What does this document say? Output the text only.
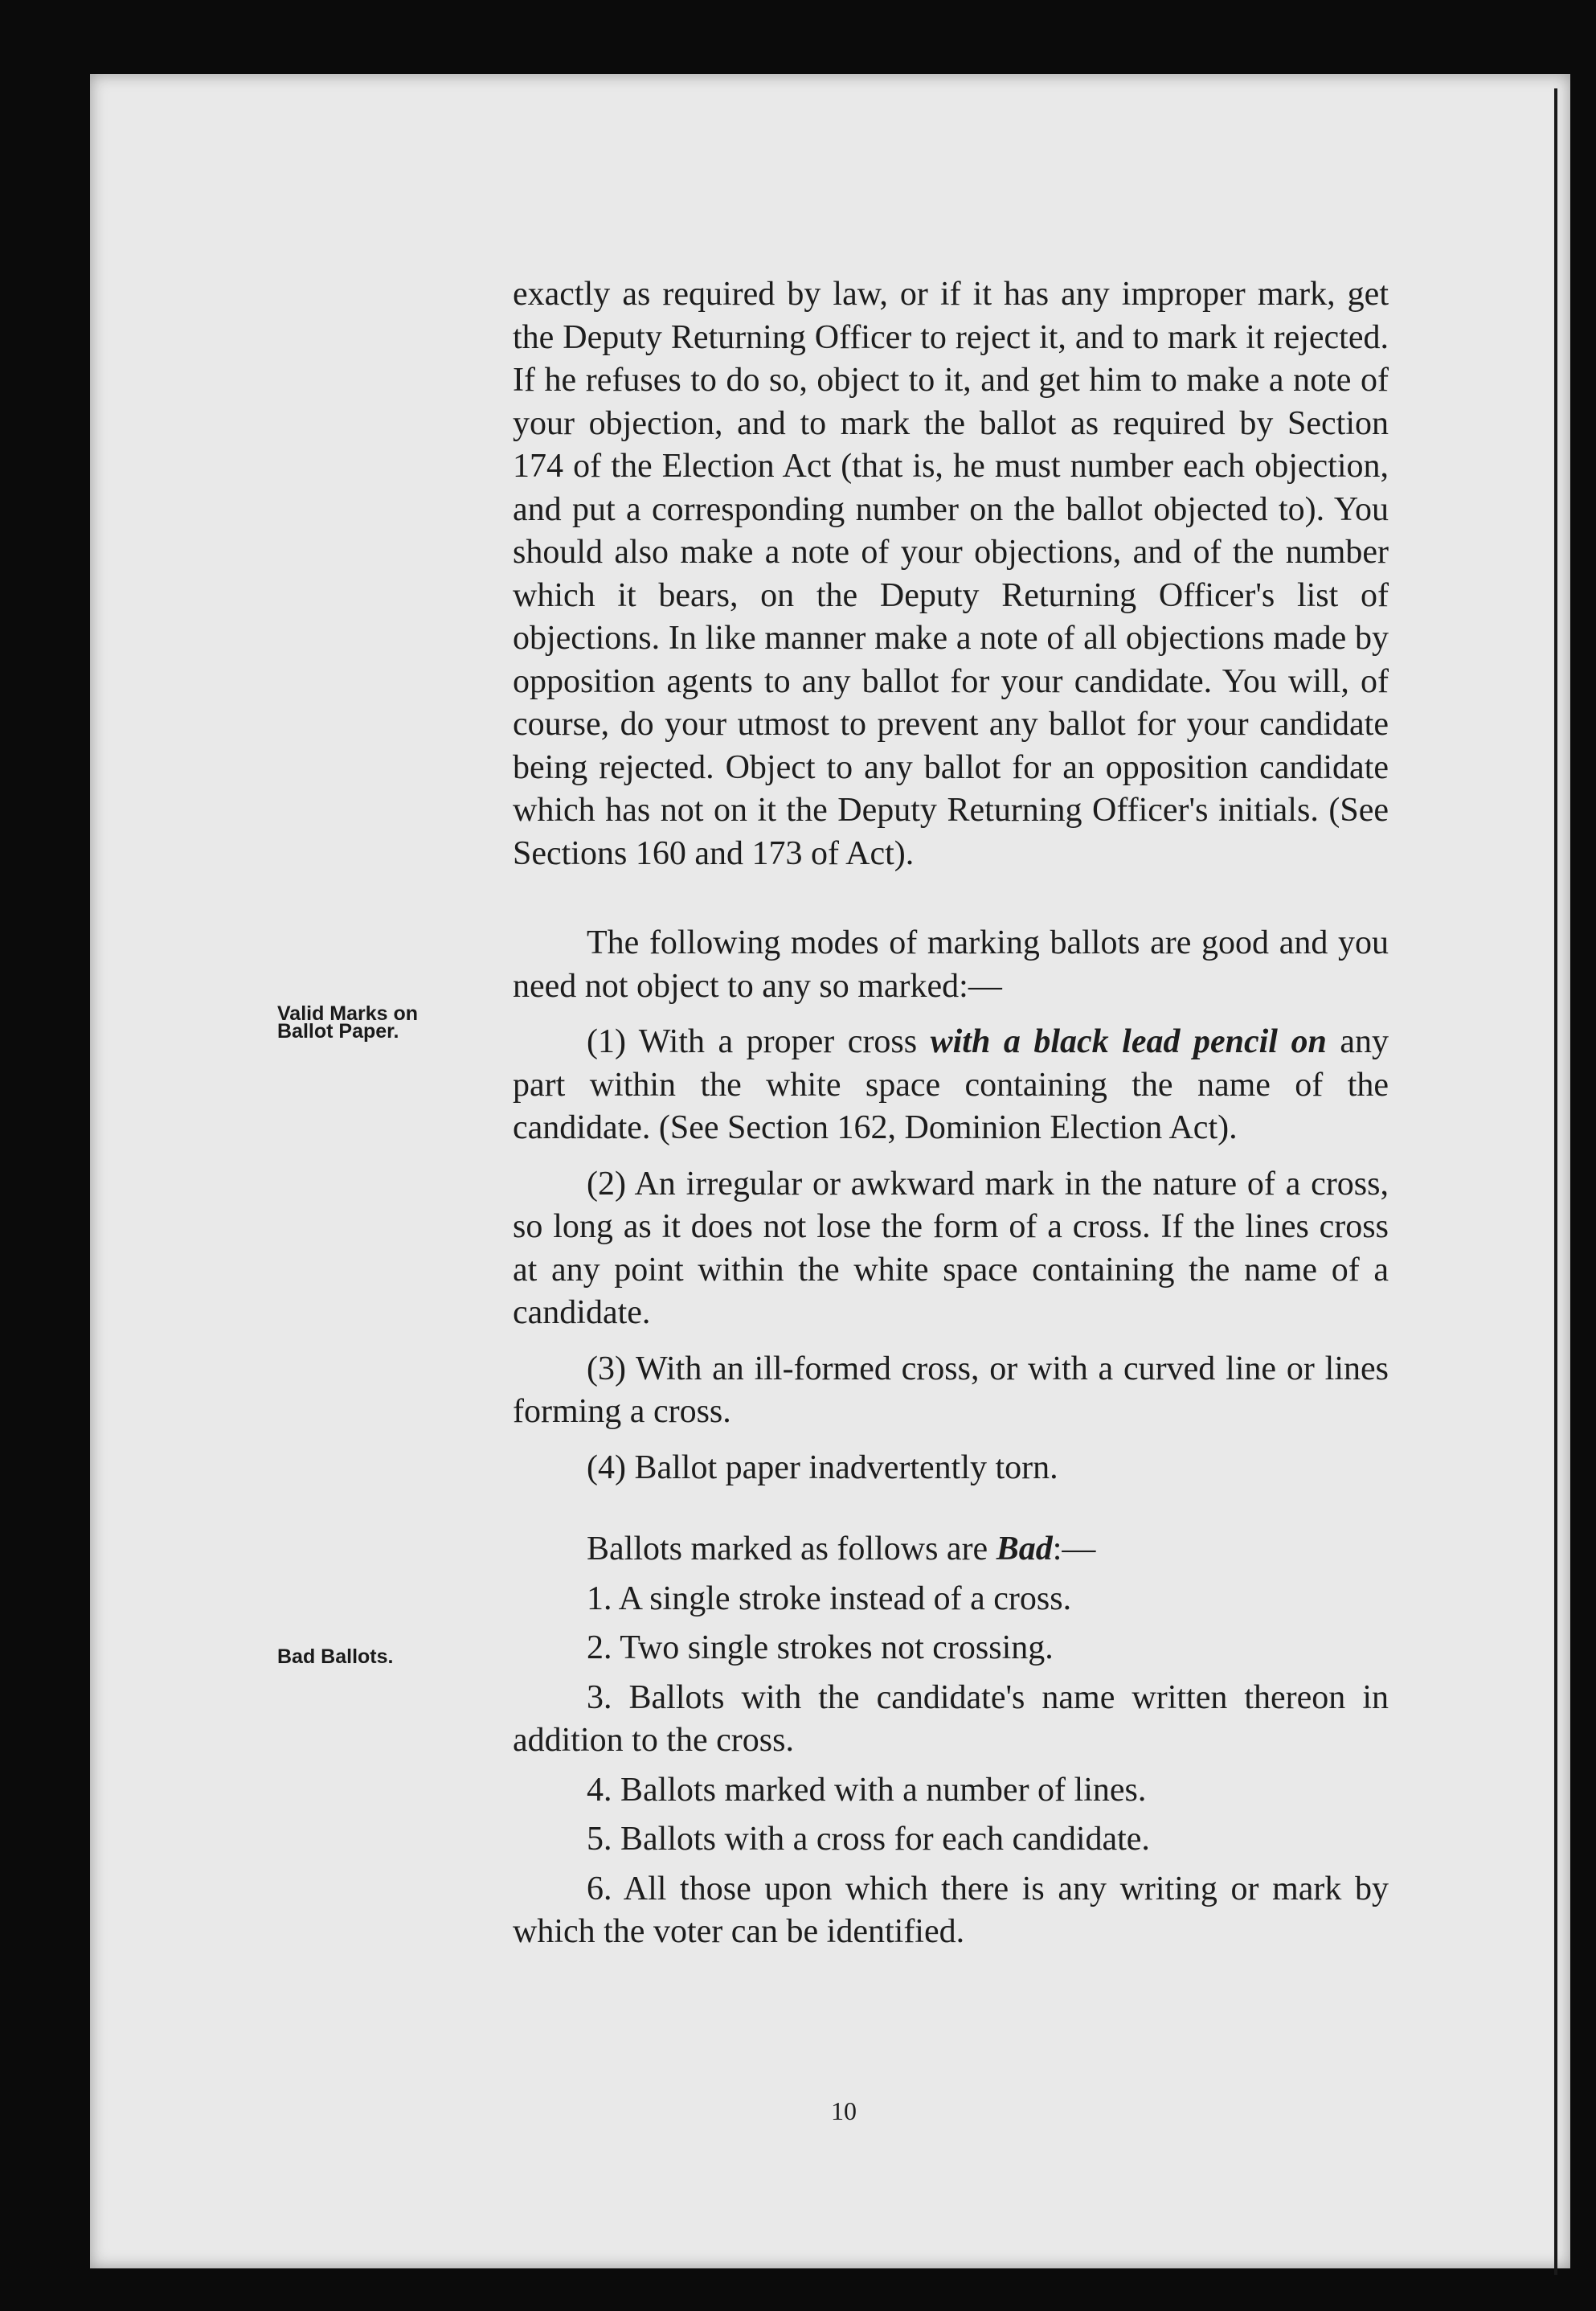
Valid Marks on Ballot Paper.
Bad Ballots.

exactly as required by law, or if it has any improper mark, get the Deputy Returning Officer to reject it, and to mark it rejected. If he refuses to do so, object to it, and get him to make a note of your objection, and to mark the ballot as required by Section 174 of the Election Act (that is, he must number each objection, and put a corresponding number on the ballot objected to). You should also make a note of your objections, and of the number which it bears, on the Deputy Returning Officer's list of objections. In like manner make a note of all objections made by opposition agents to any ballot for your candidate. You will, of course, do your utmost to prevent any ballot for your candidate being rejected. Object to any ballot for an opposition candidate which has not on it the Deputy Returning Officer's initials. (See Sections 160 and 173 of Act).

The following modes of marking ballots are good and you need not object to any so marked:—

(1) With a proper cross with a black lead pencil on any part within the white space containing the name of the candidate. (See Section 162, Dominion Election Act).

(2) An irregular or awkward mark in the nature of a cross, so long as it does not lose the form of a cross. If the lines cross at any point within the white space containing the name of a candidate.

(3) With an ill-formed cross, or with a curved line or lines forming a cross.

(4) Ballot paper inadvertently torn.

Ballots marked as follows are Bad:—

1. A single stroke instead of a cross.

2. Two single strokes not crossing.

3. Ballots with the candidate's name written thereon in addition to the cross.

4. Ballots marked with a number of lines.

5. Ballots with a cross for each candidate.

6. All those upon which there is any writing or mark by which the voter can be identified.

10
